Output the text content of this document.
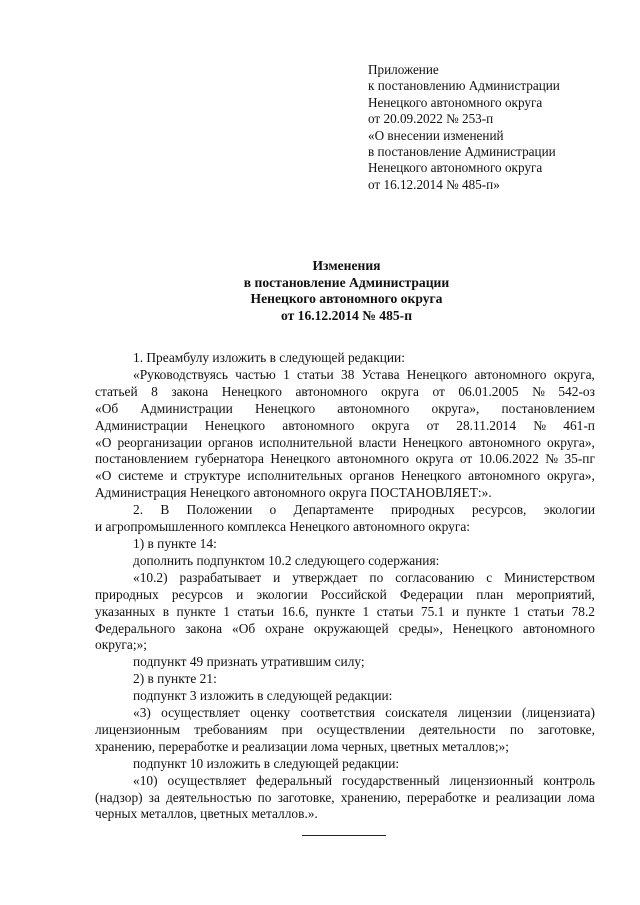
Приложение
к постановлению Администрации
Ненецкого автономного округа
от 20.09.2022 № 253-п
«О внесении изменений
в постановление Администрации
Ненецкого автономного округа
от 16.12.2014 № 485-п»
Изменения
в постановление Администрации
Ненецкого автономного округа
от 16.12.2014 № 485-п
1. Преамбулу изложить в следующей редакции:
«Руководствуясь частью 1 статьи 38 Устава Ненецкого автономного округа,
статьей 8 закона Ненецкого автономного округа от 06.01.2005 № 542-оз
«Об Администрации Ненецкого автономного округа», постановлением
Администрации Ненецкого автономного округа от 28.11.2014 № 461-п
«О реорганизации органов исполнительной власти Ненецкого автономного округа»,
постановлением губернатора Ненецкого автономного округа от 10.06.2022 № 35-пг
«О системе и структуре исполнительных органов Ненецкого автономного округа»,
Администрация Ненецкого автономного округа ПОСТАНОВЛЯЕТ:».
2. В Положении о Департаменте природных ресурсов, экологии
и агропромышленного комплекса Ненецкого автономного округа:
1) в пункте 14:
дополнить подпунктом 10.2 следующего содержания:
«10.2) разрабатывает и утверждает по согласованию с Министерством
природных ресурсов и экологии Российской Федерации план мероприятий,
указанных в пункте 1 статьи 16.6, пункте 1 статьи 75.1 и пункте 1 статьи 78.2
Федерального закона «Об охране окружающей среды», Ненецкого автономного
округа;»;
подпункт 49 признать утратившим силу;
2) в пункте 21:
подпункт 3 изложить в следующей редакции:
«3) осуществляет оценку соответствия соискателя лицензии (лицензиата)
лицензионным требованиям при осуществлении деятельности по заготовке,
хранению, переработке и реализации лома черных, цветных металлов;»;
подпункт 10 изложить в следующей редакции:
«10) осуществляет федеральный государственный лицензионный контроль
(надзор) за деятельностью по заготовке, хранению, переработке и реализации лома
черных металлов, цветных металлов.».
